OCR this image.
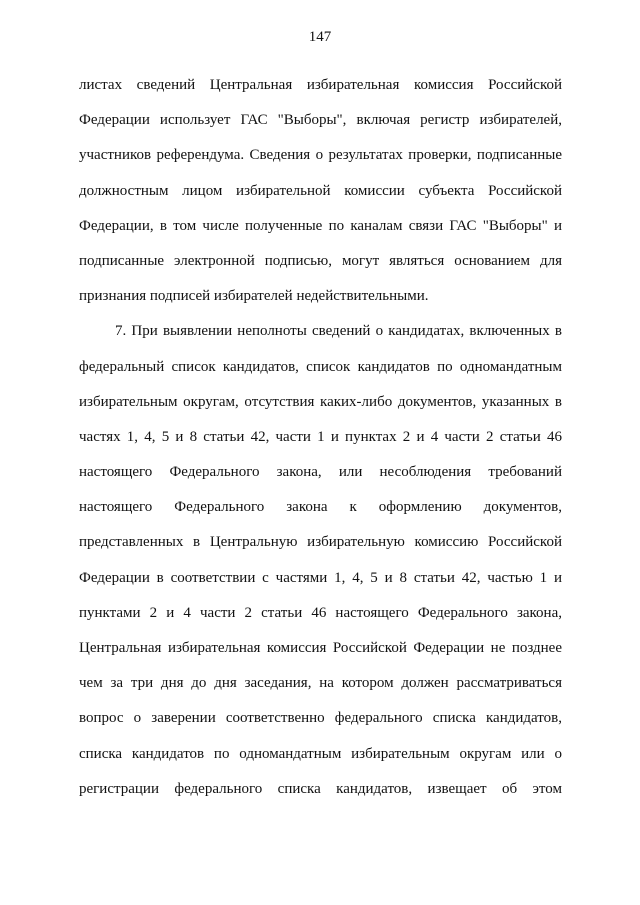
147
листах сведений Центральная избирательная комиссия Российской
Федерации использует ГАС "Выборы", включая регистр избирателей,
участников референдума. Сведения о результатах проверки, подписанные
должностным лицом избирательной комиссии субъекта Российской
Федерации, в том числе полученные по каналам связи ГАС "Выборы" и
подписанные электронной подписью, могут являться основанием для
признания подписей избирателей недействительными.
7. При выявлении неполноты сведений о кандидатах, включенных в
федеральный список кандидатов, список кандидатов по одномандатным
избирательным округам, отсутствия каких-либо документов, указанных в
частях 1, 4, 5 и 8 статьи 42, части 1 и пунктах 2 и 4 части 2 статьи 46
настоящего Федерального закона, или несоблюдения требований
настоящего Федерального закона к оформлению документов,
представленных в Центральную избирательную комиссию Российской
Федерации в соответствии с частями 1, 4, 5 и 8 статьи 42, частью 1 и
пунктами 2 и 4 части 2 статьи 46 настоящего Федерального закона,
Центральная избирательная комиссия Российской Федерации не позднее
чем за три дня до дня заседания, на котором должен рассматриваться
вопрос о заверении соответственно федерального списка кандидатов,
списка кандидатов по одномандатным избирательным округам или о
регистрации федерального списка кандидатов, извещает об этом
